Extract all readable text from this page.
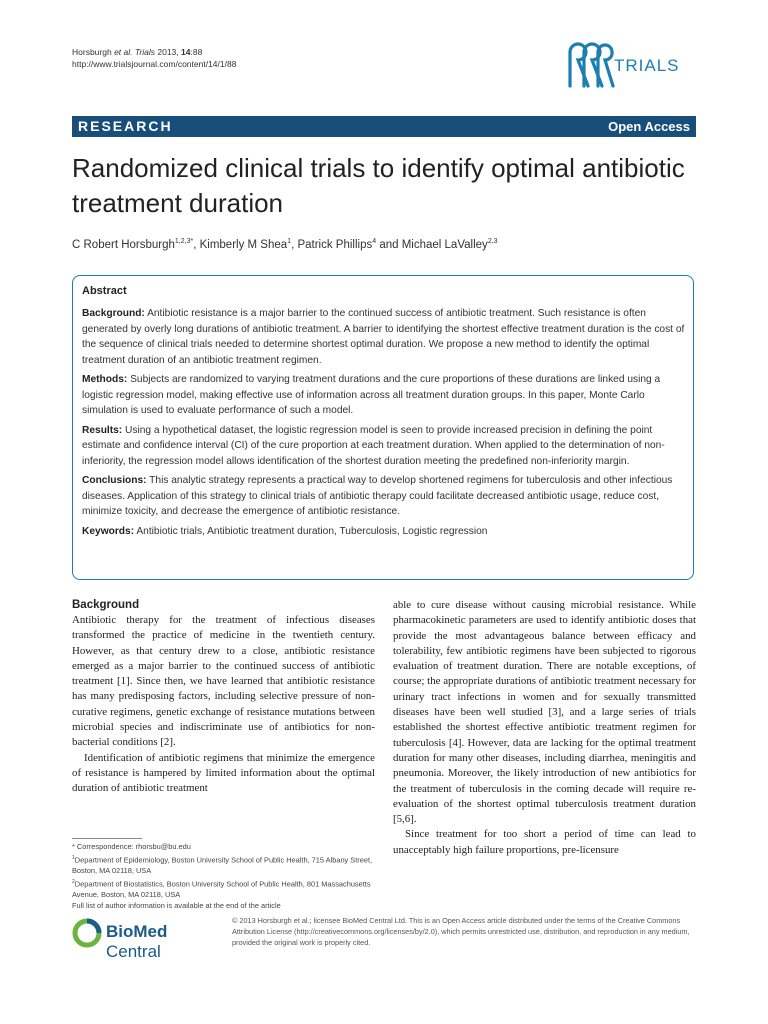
Horsburgh et al. Trials 2013, 14:88
http://www.trialsjournal.com/content/14/1/88	TRIALS
RESEARCH	Open Access
Randomized clinical trials to identify optimal antibiotic treatment duration
C Robert Horsburgh$^{1,2,3*}$, Kimberly M Shea$^1$, Patrick Phillips$^4$ and Michael LaValley$^{2,3}$
Abstract

Background: Antibiotic resistance is a major barrier to the continued success of antibiotic treatment. Such resistance is often generated by overly long durations of antibiotic treatment. A barrier to identifying the shortest effective treatment duration is the cost of the sequence of clinical trials needed to determine shortest optimal duration. We propose a new method to identify the optimal treatment duration of an antibiotic treatment regimen.

Methods: Subjects are randomized to varying treatment durations and the cure proportions of these durations are linked using a logistic regression model, making effective use of information across all treatment duration groups. In this paper, Monte Carlo simulation is used to evaluate performance of such a model.

Results: Using a hypothetical dataset, the logistic regression model is seen to provide increased precision in defining the point estimate and confidence interval (CI) of the cure proportion at each treatment duration. When applied to the determination of non-inferiority, the regression model allows identification of the shortest duration meeting the predefined non-inferiority margin.

Conclusions: This analytic strategy represents a practical way to develop shortened regimens for tuberculosis and other infectious diseases. Application of this strategy to clinical trials of antibiotic therapy could facilitate decreased antibiotic usage, reduce cost, minimize toxicity, and decrease the emergence of antibiotic resistance.

Keywords: Antibiotic trials, Antibiotic treatment duration, Tuberculosis, Logistic regression

Background

Antibiotic therapy for the treatment of infectious diseases transformed the practice of medicine in the twentieth century. However, as that century drew to a close, antibiotic resistance emerged as a major barrier to the continued success of antibiotic treatment [1]. Since then, we have learned that antibiotic resistance has many predisposing factors, including selective pressure of non-curative regimens, genetic exchange of resistance mutations between microbial species and indiscriminate use of antibiotics for non-bacterial conditions [2].

Identification of antibiotic regimens that minimize the emergence of resistance is hampered by limited information about the optimal duration of antibiotic treatment

able to cure disease without causing microbial resistance. While pharmacokinetic parameters are used to identify antibiotic doses that provide the most advantageous balance between efficacy and tolerability, few antibiotic regimens have been subjected to rigorous evaluation of treatment duration. There are notable exceptions, of course; the appropriate durations of antibiotic treatment necessary for urinary tract infections in women and for sexually transmitted diseases have been well studied [3], and a large series of trials established the shortest effective antibiotic treatment regimen for tuberculosis [4]. However, data are lacking for the optimal treatment duration for many other diseases, including diarrhea, meningitis and pneumonia. Moreover, the likely introduction of new antibiotics for the treatment of tuberculosis in the coming decade will require re-evaluation of the shortest optimal tuberculosis treatment duration [5,6].

Since treatment for too short a period of time can lead to unacceptably high failure proportions, pre-licensure

* Correspondence: rhorsbu@bu.edu

$^1$Department of Epidemiology, Boston University School of Public Health, 715 Albany Street, Boston, MA 02118, USA

$^2$Department of Biostatistics, Boston University School of Public Health, 801 Massachusetts Avenue, Boston, MA 02118, USA

Full list of author information is available at the end of the article

BioMed Central
© 2013 Horsburgh et al.; licensee BioMed Central Ltd. This is an Open Access article distributed under the terms of the Creative Commons Attribution License (http://creativecommons.org/licenses/by/2.0), which permits unrestricted use, distribution, and reproduction in any medium, provided the original work is properly cited.
